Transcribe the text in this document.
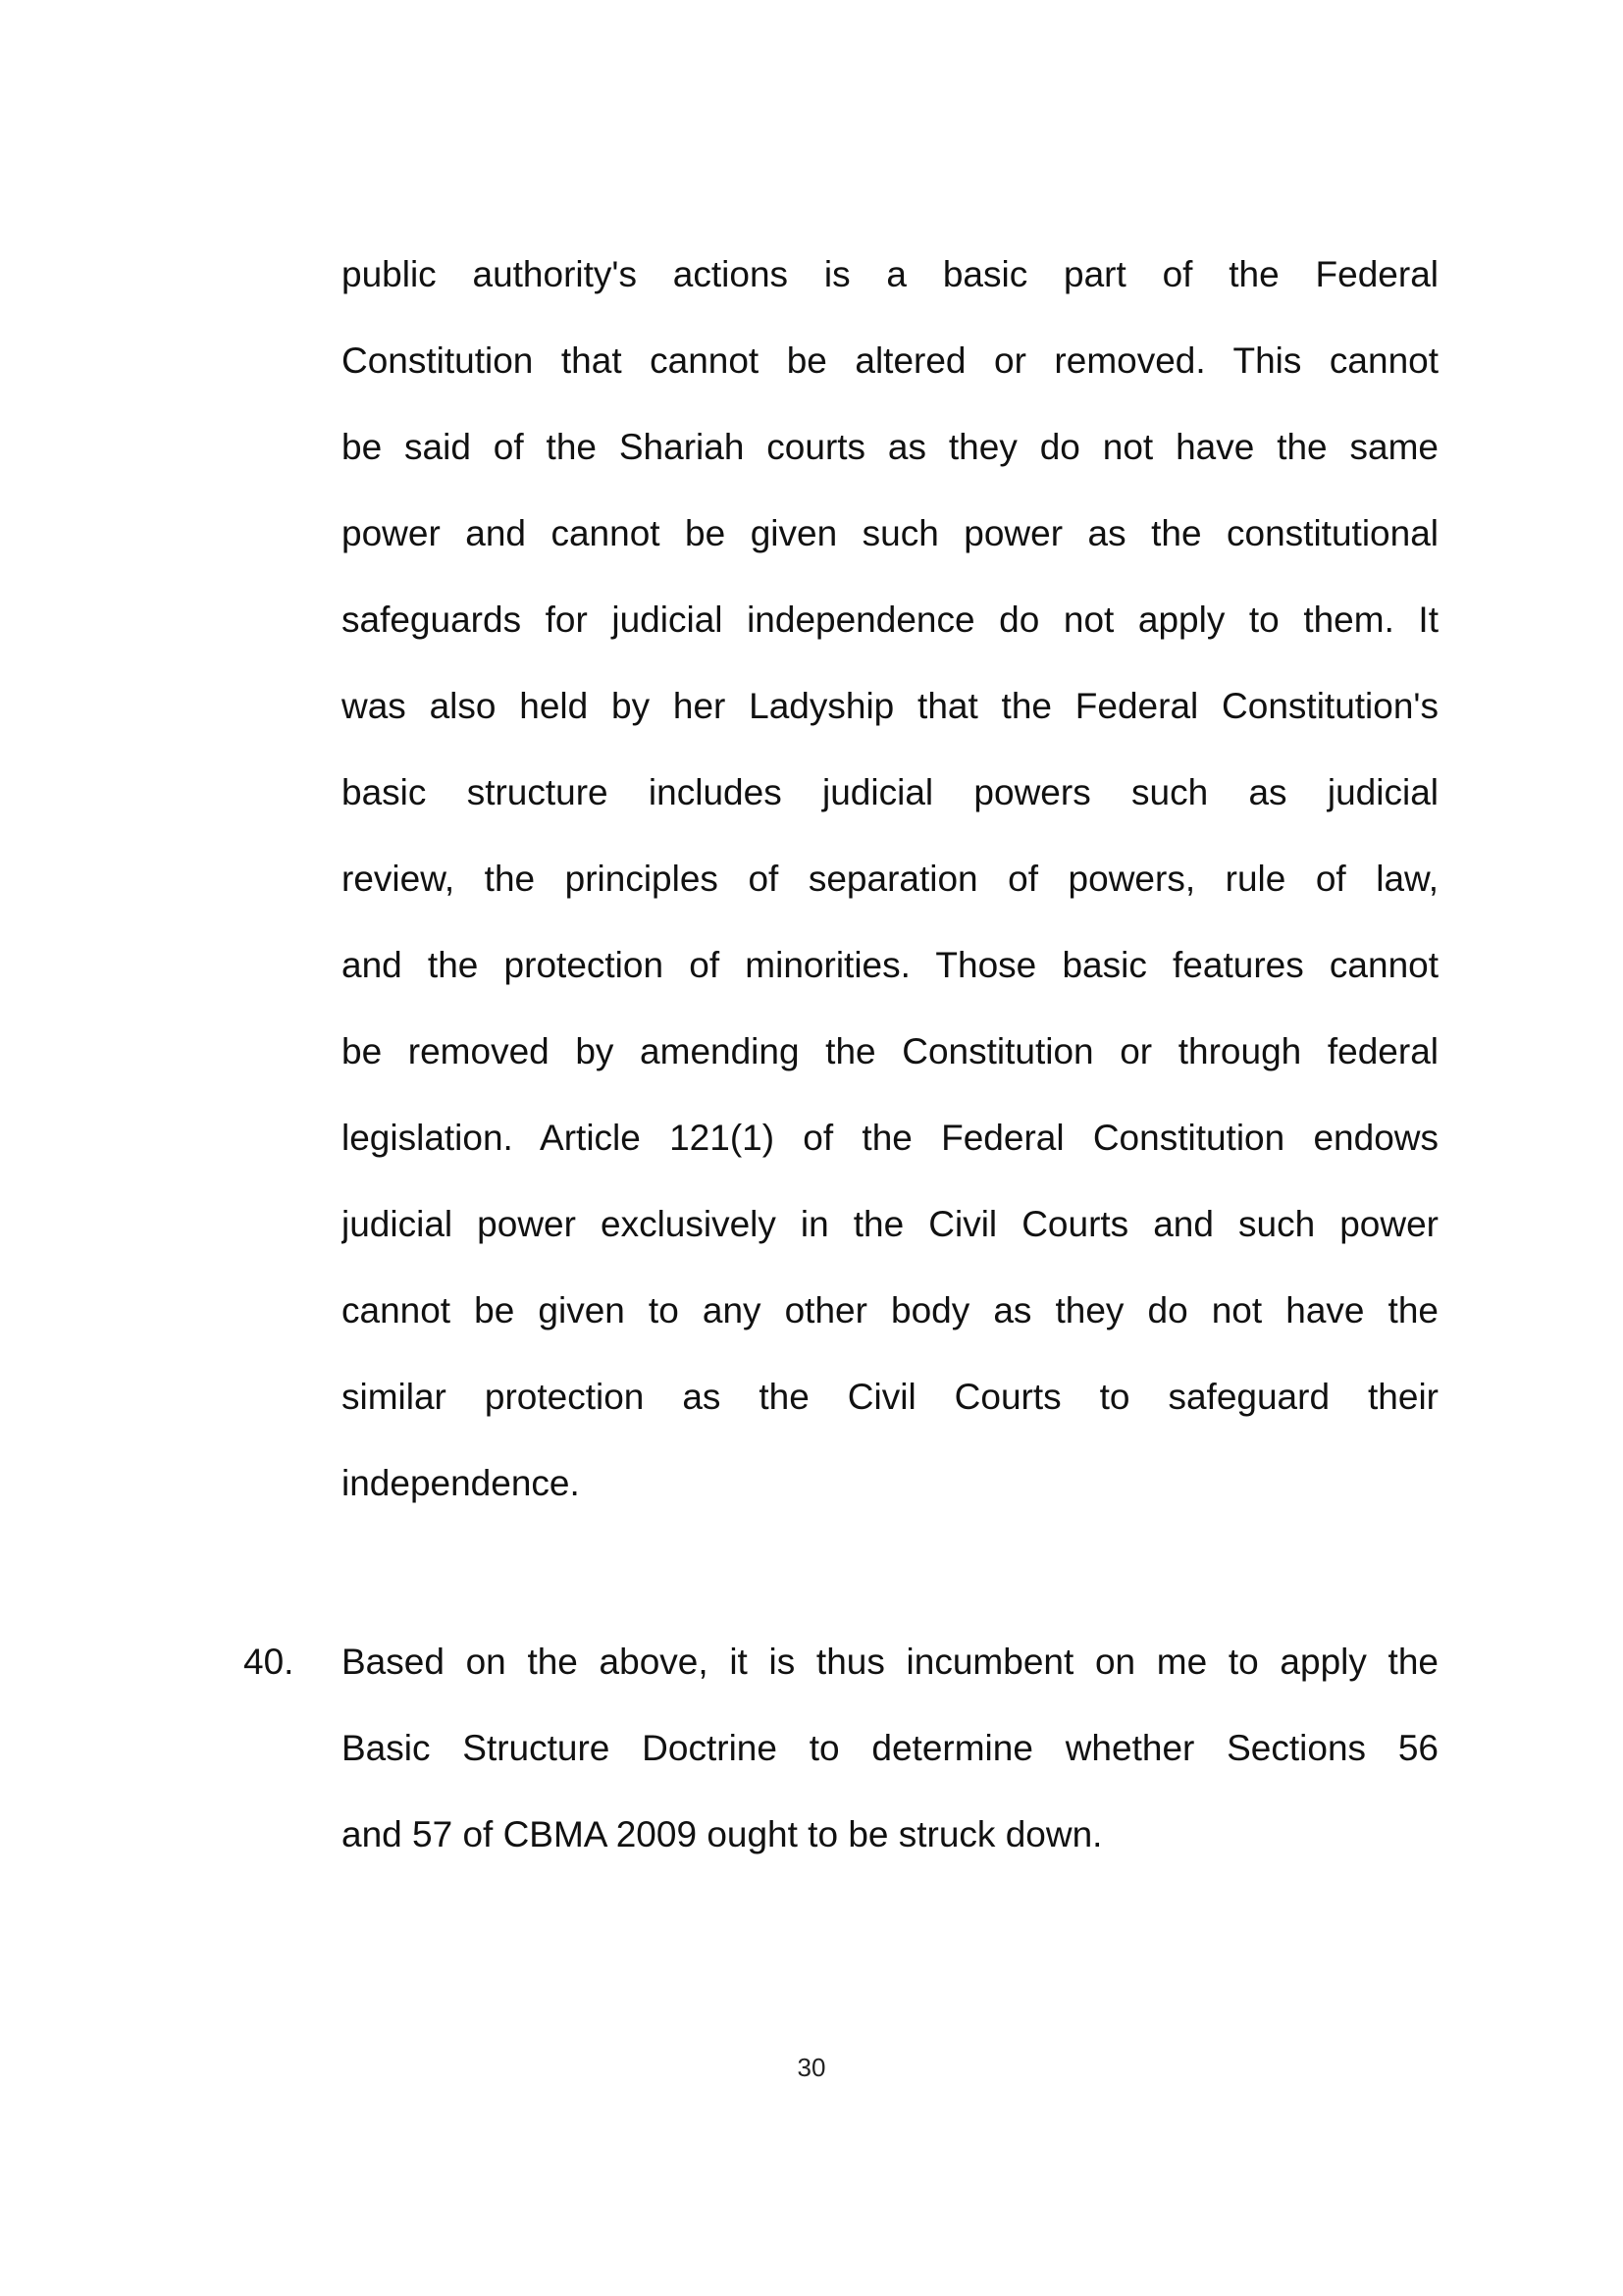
public authority's actions is a basic part of the Federal
Constitution that cannot be altered or removed. This cannot
be said of the Shariah courts as they do not have the same
power and cannot be given such power as the constitutional
safeguards for judicial independence do not apply to them. It
was also held by her Ladyship that the Federal Constitution's
basic structure includes judicial powers such as judicial
review, the principles of separation of powers, rule of law,
and the protection of minorities. Those basic features cannot
be removed by amending the Constitution or through federal
legislation. Article 121(1) of the Federal Constitution endows
judicial power exclusively in the Civil Courts and such power
cannot be given to any other body as they do not have the
similar protection as the Civil Courts to safeguard their
independence.
40. Based on the above, it is thus incumbent on me to apply the
Basic Structure Doctrine to determine whether Sections 56
and 57 of CBMA 2009 ought to be struck down.
30
